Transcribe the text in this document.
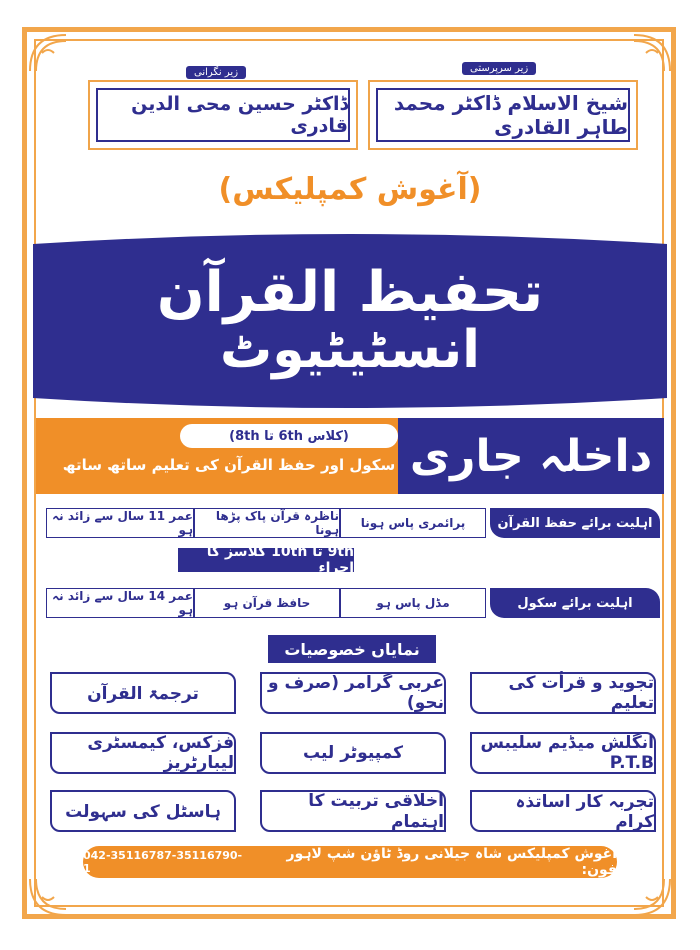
ڈاکٹر حسین محی الدین قادری
زیر نگرانی
شیخ الاسلام ڈاکٹر محمد طاہر القادری
زیر سرپرستی
(آغوش کمپلیکس)
تحفیظ القرآن
انسٹیٹیوٹ
داخلہ جاری
(کلاس 6th تا 8th)
سکول اور حفظ القرآن کی تعلیم ساتھ ساتھ
اہلیت برائے حفظ القرآن
پرائمری پاس ہونا
ناظرہ قرآن پاک پڑھا ہونا
عمر 11 سال سے زائد نہ ہو
9th تا 10th کلاسز کا اجراء
اہلیت برائے سکول
مڈل پاس ہو
حافظ قرآن ہو
عمر 14 سال سے زائد نہ ہو
نمایاں خصوصیات
تجوید و قرأت کی تعلیم
عربی گرامر (صرف و نحو)
ترجمۃ القرآن
انگلش میڈیم سلیبس P.T.B
کمپیوٹر لیب
فزکس، کیمسٹری لیبارٹریز
تجربہ کار اساتذہ کرام
اخلاقی تربیت کا اہتمام
ہاسٹل کی سہولت
آغوش کمپلیکس شاہ جیلانی روڈ ٹاؤن شپ لاہور فون:
042-35116787-35116790-1
